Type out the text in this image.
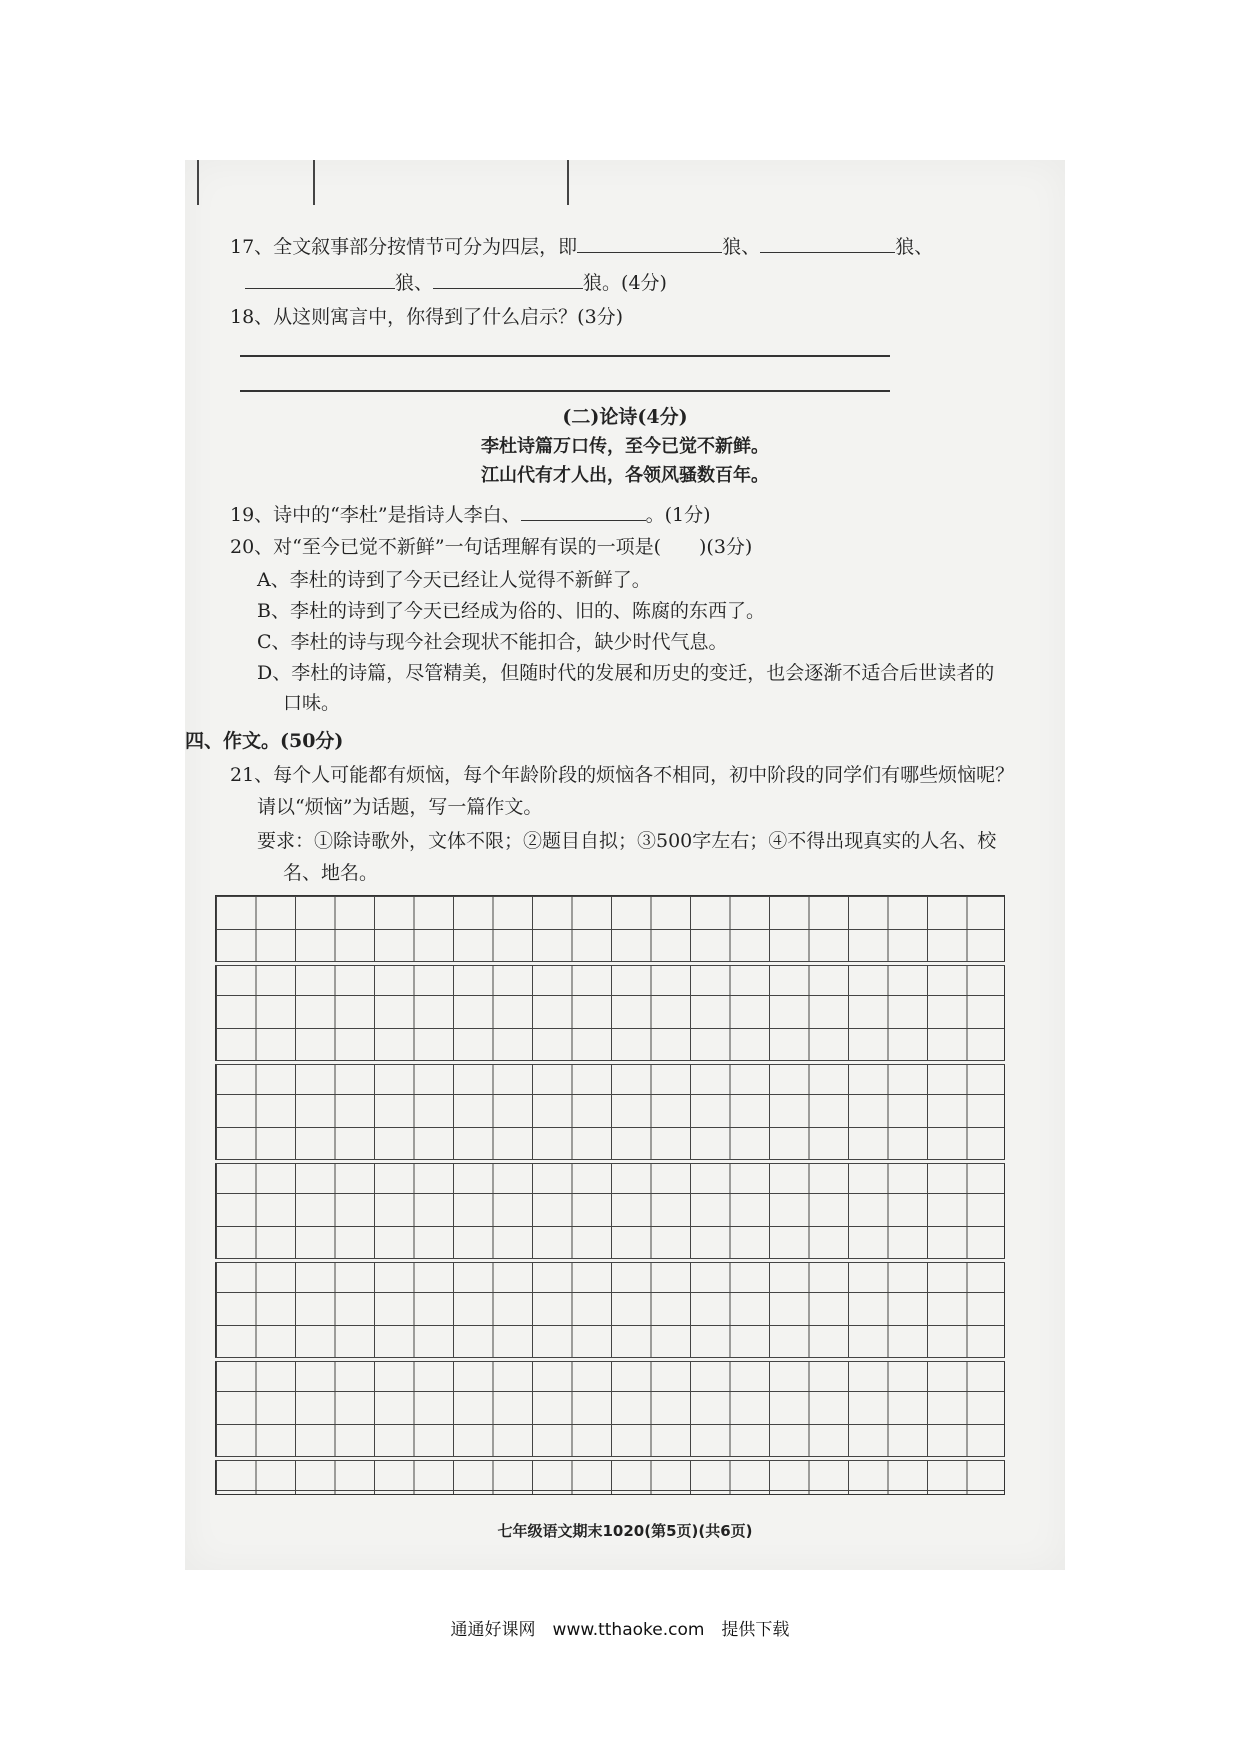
17、全文叙事部分按情节可分为四层，即	狼、	狼、
狼、	狼。(4分)
18、从这则寓言中，你得到了什么启示？(3分)
(二)论诗(4分)
李杜诗篇万口传，至今已觉不新鲜。
江山代有才人出，各领风骚数百年。
19、诗中的“李杜”是指诗人李白、	。(1分)
20、对“至今已觉不新鲜”一句话理解有误的一项是(　　)(3分)
A、李杜的诗到了今天已经让人觉得不新鲜了。
B、李杜的诗到了今天已经成为俗的、旧的、陈腐的东西了。
C、李杜的诗与现今社会现状不能扣合，缺少时代气息。
D、李杜的诗篇，尽管精美，但随时代的发展和历史的变迁，也会逐渐不适合后世读者的
口味。
四、作文。(50分)
21、每个人可能都有烦恼，每个年龄阶段的烦恼各不相同，初中阶段的同学们有哪些烦恼呢？
请以“烦恼”为话题，写一篇作文。
要求：①除诗歌外，文体不限；②题目自拟；③500字左右；④不得出现真实的人名、校
名、地名。
七年级语文期末1020(第5页)(共6页)
通通好课网　www.tthaoke.com　提供下载
